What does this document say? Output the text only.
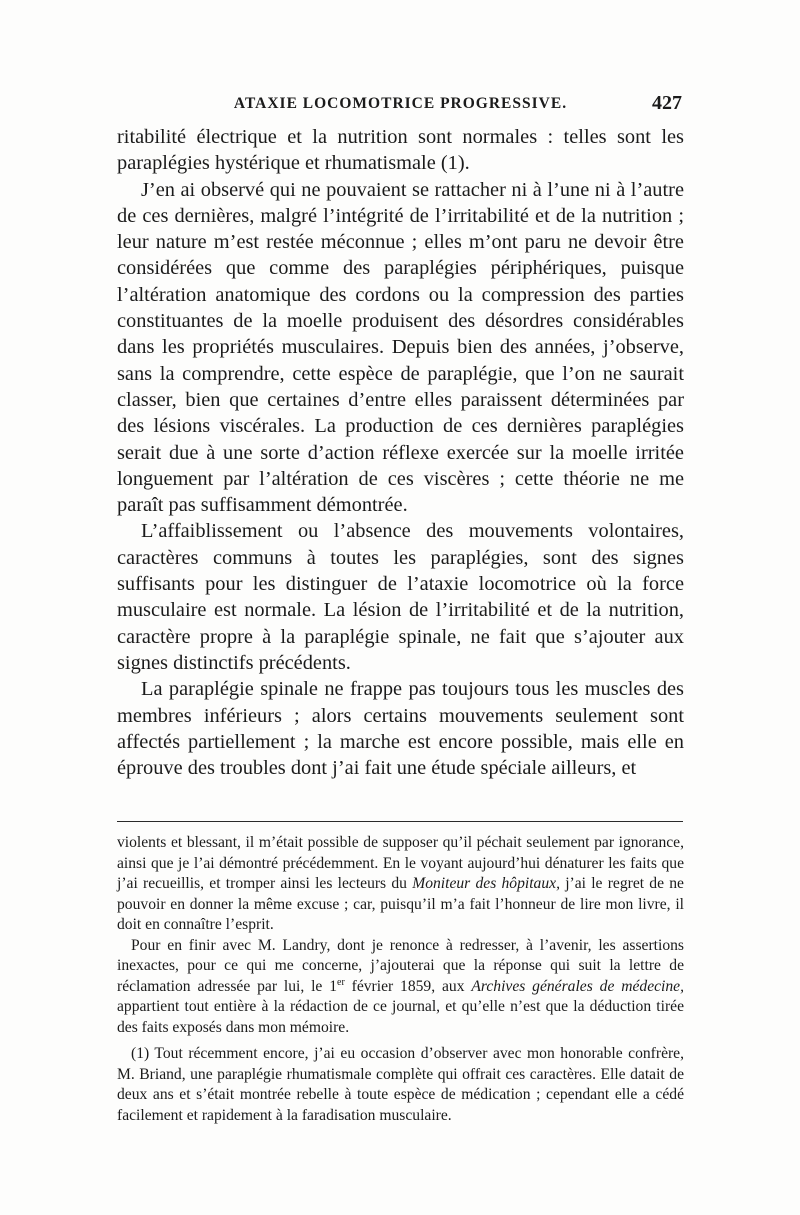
ATAXIE LOCOMOTRICE PROGRESSIVE.	427

ritabilité électrique et la nutrition sont normales : telles sont les paraplégies hystérique et rhumatismale (1).

J’en ai observé qui ne pouvaient se rattacher ni à l’une ni à l’autre de ces dernières, malgré l’intégrité de l’irritabilité et de la nutrition ; leur nature m’est restée méconnue ; elles m’ont paru ne devoir être considérées que comme des paraplégies périphériques, puisque l’altération anatomique des cordons ou la compression des parties constituantes de la moelle produisent des désordres considérables dans les propriétés musculaires. Depuis bien des années, j’observe, sans la comprendre, cette espèce de paraplégie, que l’on ne saurait classer, bien que certaines d’entre elles paraissent déterminées par des lésions viscérales. La production de ces dernières paraplégies serait due à une sorte d’action réflexe exercée sur la moelle irritée longuement par l’altération de ces viscères ; cette théorie ne me paraît pas suffisamment démontrée.

L’affaiblissement ou l’absence des mouvements volontaires, caractères communs à toutes les paraplégies, sont des signes suffisants pour les distinguer de l’ataxie locomotrice où la force musculaire est normale. La lésion de l’irritabilité et de la nutrition, caractère propre à la paraplégie spinale, ne fait que s’ajouter aux signes distinctifs précédents.

La paraplégie spinale ne frappe pas toujours tous les muscles des membres inférieurs ; alors certains mouvements seulement sont affectés partiellement ; la marche est encore possible, mais elle en éprouve des troubles dont j’ai fait une étude spéciale ailleurs, et

violents et blessant, il m’était possible de supposer qu’il péchait seulement par ignorance, ainsi que je l’ai démontré précédemment. En le voyant aujourd’hui dénaturer les faits que j’ai recueillis, et tromper ainsi les lecteurs du Moniteur des hôpitaux, j’ai le regret de ne pouvoir en donner la même excuse ; car, puisqu’il m’a fait l’honneur de lire mon livre, il doit en connaître l’esprit.

Pour en finir avec M. Landry, dont je renonce à redresser, à l’avenir, les assertions inexactes, pour ce qui me concerne, j’ajouterai que la réponse qui suit la lettre de réclamation adressée par lui, le 1er février 1859, aux Archives générales de médecine, appartient tout entière à la rédaction de ce journal, et qu’elle n’est que la déduction tirée des faits exposés dans mon mémoire.

(1) Tout récemment encore, j’ai eu occasion d’observer avec mon honorable confrère, M. Briand, une paraplégie rhumatismale complète qui offrait ces caractères. Elle datait de deux ans et s’était montrée rebelle à toute espèce de médication ; cependant elle a cédé facilement et rapidement à la faradisation musculaire.
